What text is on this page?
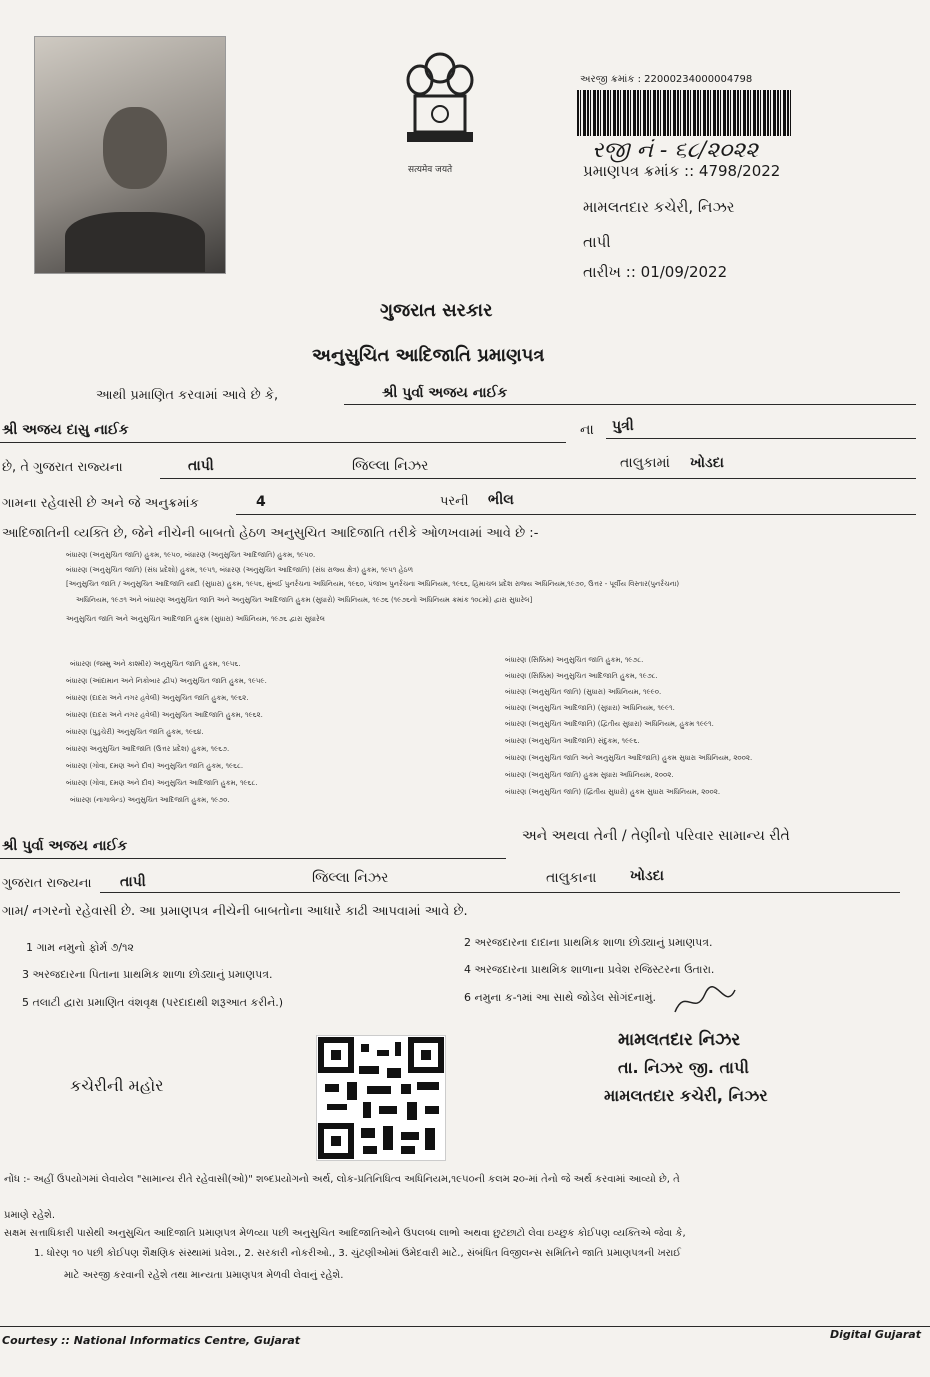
सत्यमेव जयते
અરજી ક્રમાંક : 22000234000004798
રજી નં - ૬૮/૨૦૨૨
પ્રમાણપત્ર ક્રમાંક :: 4798/2022
મામલતદાર કચેરી, નિઝર
તાપી
તારીખ :: 01/09/2022
ગુજરાત સરકાર
અનુસુચિત આદિજાતિ પ્રમાણપત્ર
આથી પ્રમાણિત કરવામાં આવે છે કે,	શ્રી પુર્વા અજય નાઈક
શ્રી અજય દાસુ નાઈક	ના પુત્રી
છે, તે ગુજરાત રાજ્યના	તાપી	જિલ્લા નિઝર	તાલુકામાં ખોડદા
ગામના રહેવાસી છે અને જે અનુક્રમાંક	4	પરની ભીલ
આદિજાતિની વ્યક્તિ છે, જેને નીચેની બાબતો હેઠળ અનુસુચિત આદિજાતિ તરીકે ઓળખવામાં આવે છે :-
બંધારણ (અનુસુચિત જાતિ) હુકમ, ૧૯૫૦, બંધારણ (અનુસુચિત આદિજાતિ) હુકમ, ૧૯૫૦.
બંધારણ (અનુસુચિત જાતિ) (સંઘ પ્રદેશો) હુકમ, ૧૯૫૧, બંધારણ (અનુસુચિત આદિજાતિ) (સંઘ રાજ્ય ક્ષેત્ર) હુકમ, ૧૯૫૧ હેઠળ
[અનુસુચિત જાતિ / અનુસુચિત આદિજાતિ યાદી (સુધારા) હુકમ, ૧૯૫૬, મુંબઈ પુનર્રચના અધિનિયમ, ૧૯૬૦, પંજાબ પુનર્રચના અધિનિયમ, ૧૯૬૬, હિમાચલ પ્રદેશ રાજ્ય અધિનિયમ,૧૯૭૦, ઉત્તર - પૂર્વીય વિસ્તાર(પુનર્રચના)
અધિનિયમ, ૧૯૭૧ અને બંધારણ અનુસુચિત જાતિ અને અનુસુચિત આદિજાતિ હુકમ (સુધારો) અધિનિયમ, ૧૯૭૬ (૧૯૭૬નો અધિનિયમ ક્રમાંક ૧૦૮મો) દ્વારા સુધારેલ]
અનુસુચિત જાતિ અને અનુસુચિત આદિજાતિ હુકમ (સુધારા) અધિનિયમ, ૧૯૭૬ દ્વારા સુધારેલ
બંધારણ (જમ્મુ અને કાશ્મીર) અનુસુચિત જાતિ હુકમ, ૧૯૫૬.
બંધારણ (આંદામાન અને નિકોબાર દ્વીપ) અનુસુચિત જાતિ હુકમ, ૧૯૫૯.
બંધારણ (દાદરા અને નગર હવેલી) અનુસુચિત જાતિ હુકમ, ૧૯૬૨.
બંધારણ (દાદરા અને નગર હવેલી) અનુસુચિત આદિજાતિ હુકમ, ૧૯૬૨.
બંધારણ (પુડુચેરી) અનુસુચિત જાતિ હુકમ, ૧૯૬૪.
બંધારણ અનુસુચિત આદિજાતિ (ઉત્તર પ્રદેશ) હુકમ, ૧૯૬૭.
બંધારણ (ગોવા, દમણ અને દીવ) અનુસુચિત જાતિ હુકમ, ૧૯૬૮.
બંધારણ (ગોવા, દમણ અને દીવ) અનુસુચિત આદિજાતિ હુકમ, ૧૯૬૮.
બંધારણ (નાગાલેન્ડ) અનુસુચિત આદિજાતિ હુકમ, ૧૯૭૦.
બંધારણ (સિક્કિમ) અનુસુચિત જાતિ હુકમ, ૧૯૭૮.
બંધારણ (સિક્કિમ) અનુસુચિત આદિજાતિ હુકમ, ૧૯૭૮.
બંધારણ (અનુસુચિત જાતિ) (સુધારા) અધિનિયમ, ૧૯૯૦.
બંધારણ (અનુસુચિત આદિજાતિ) (સુધારા) અધિનિયમ, ૧૯૯૧.
બંધારણ (અનુસુચિત આદિજાતિ) (દ્વિતીય સુધારા) અધિનિયમ, હુકમ ૧૯૯૧.
બંધારણ (અનુસુચિત આદિજાતિ) સંદુકમ, ૧૯૯૬.
બંધારણ (અનુસુચિત જાતિ અને અનુસુચિત આદિજાતિ) હુકમ સુધારા અધિનિયમ, ૨૦૦૨.
બંધારણ (અનુસુચિત જાતિ) હુકમ સુધારા અધિનિયમ, ૨૦૦૨.
બંધારણ (અનુસુચિત જાતિ) (દ્વિતીય સુધારો) હુકમ સુધારા અધિનિયમ, ૨૦૦૨.
શ્રી પુર્વા અજય નાઈક
અને અથવા તેની / તેણીનો પરિવાર સામાન્ય રીતે
ગુજરાત રાજ્યના તાપી	જિલ્લા નિઝર	તાલુકાના ખોડદા
ગામ/ નગરનો રહેવાસી છે. આ પ્રમાણપત્ર નીચેની બાબતોના આધારે કાઢી આપવામાં આવે છે.
1 ગામ નમુનો ફોર્મ ૭/૧૨	2 અરજદારના દાદાના પ્રાથમિક શાળા છોડ્યાનું પ્રમાણપત્ર.
3 અરજદારના પિતાના પ્રાથમિક શાળા છોડ્યાનું પ્રમાણપત્ર.	4 અરજદારના પ્રાથમિક શાળાના પ્રવેશ રજિસ્ટરના ઉતારા.
5 તલાટી દ્વારા પ્રમાણિત વંશવૃક્ષ (પરદાદાથી શરૂઆત કરીને.)	6 નમુના ક-૧માં આ સાથે જોડેલ સોગંદનામું.
કચેરીની મહોર
મામલતદાર નિઝર
તા. નિઝર જી. તાપી
મામલતદાર કચેરી, નિઝર
નોંધ :- અહીં ઉપયોગમાં લેવાયેલ "સામાન્ય રીતે રહેવાસી(ઓ)" શબ્દપ્રયોગનો અર્થ, લોક-પ્રતિનિધિત્વ અધિનિયમ,૧૯૫૦ની કલમ ૨૦-માં તેનો જે અર્થ કરવામાં આવ્યો છે, તે
પ્રમાણે રહેશે.
સક્ષમ સત્તાધિકારી પાસેથી અનુસુચિત આદિજાતિ પ્રમાણપત્ર મેળવ્યા પછી અનુસુચિત આદિજાતિઓને ઉપલબ્ધ લાભો અથવા છુટછાટો લેવા ઇચ્છુક કોઈપણ વ્યક્તિએ જેવા કે,
1. ધોરણ ૧૦ પછી કોઈપણ શૈક્ષણિક સંસ્થામાં પ્રવેશ., 2. સરકારી નોકરીઓ., 3. ચુંટણીઓમાં ઉમેદવારી માટે., સંબંધિત વિજીલન્સ સમિતિને જાતિ પ્રમાણપત્રની ખરાઈ
માટે અરજી કરવાની રહેશે તથા માન્યતા પ્રમાણપત્ર મેળવી લેવાનું રહેશે.
Courtesy :: National Informatics Centre, Gujarat	Digital Gujarat
